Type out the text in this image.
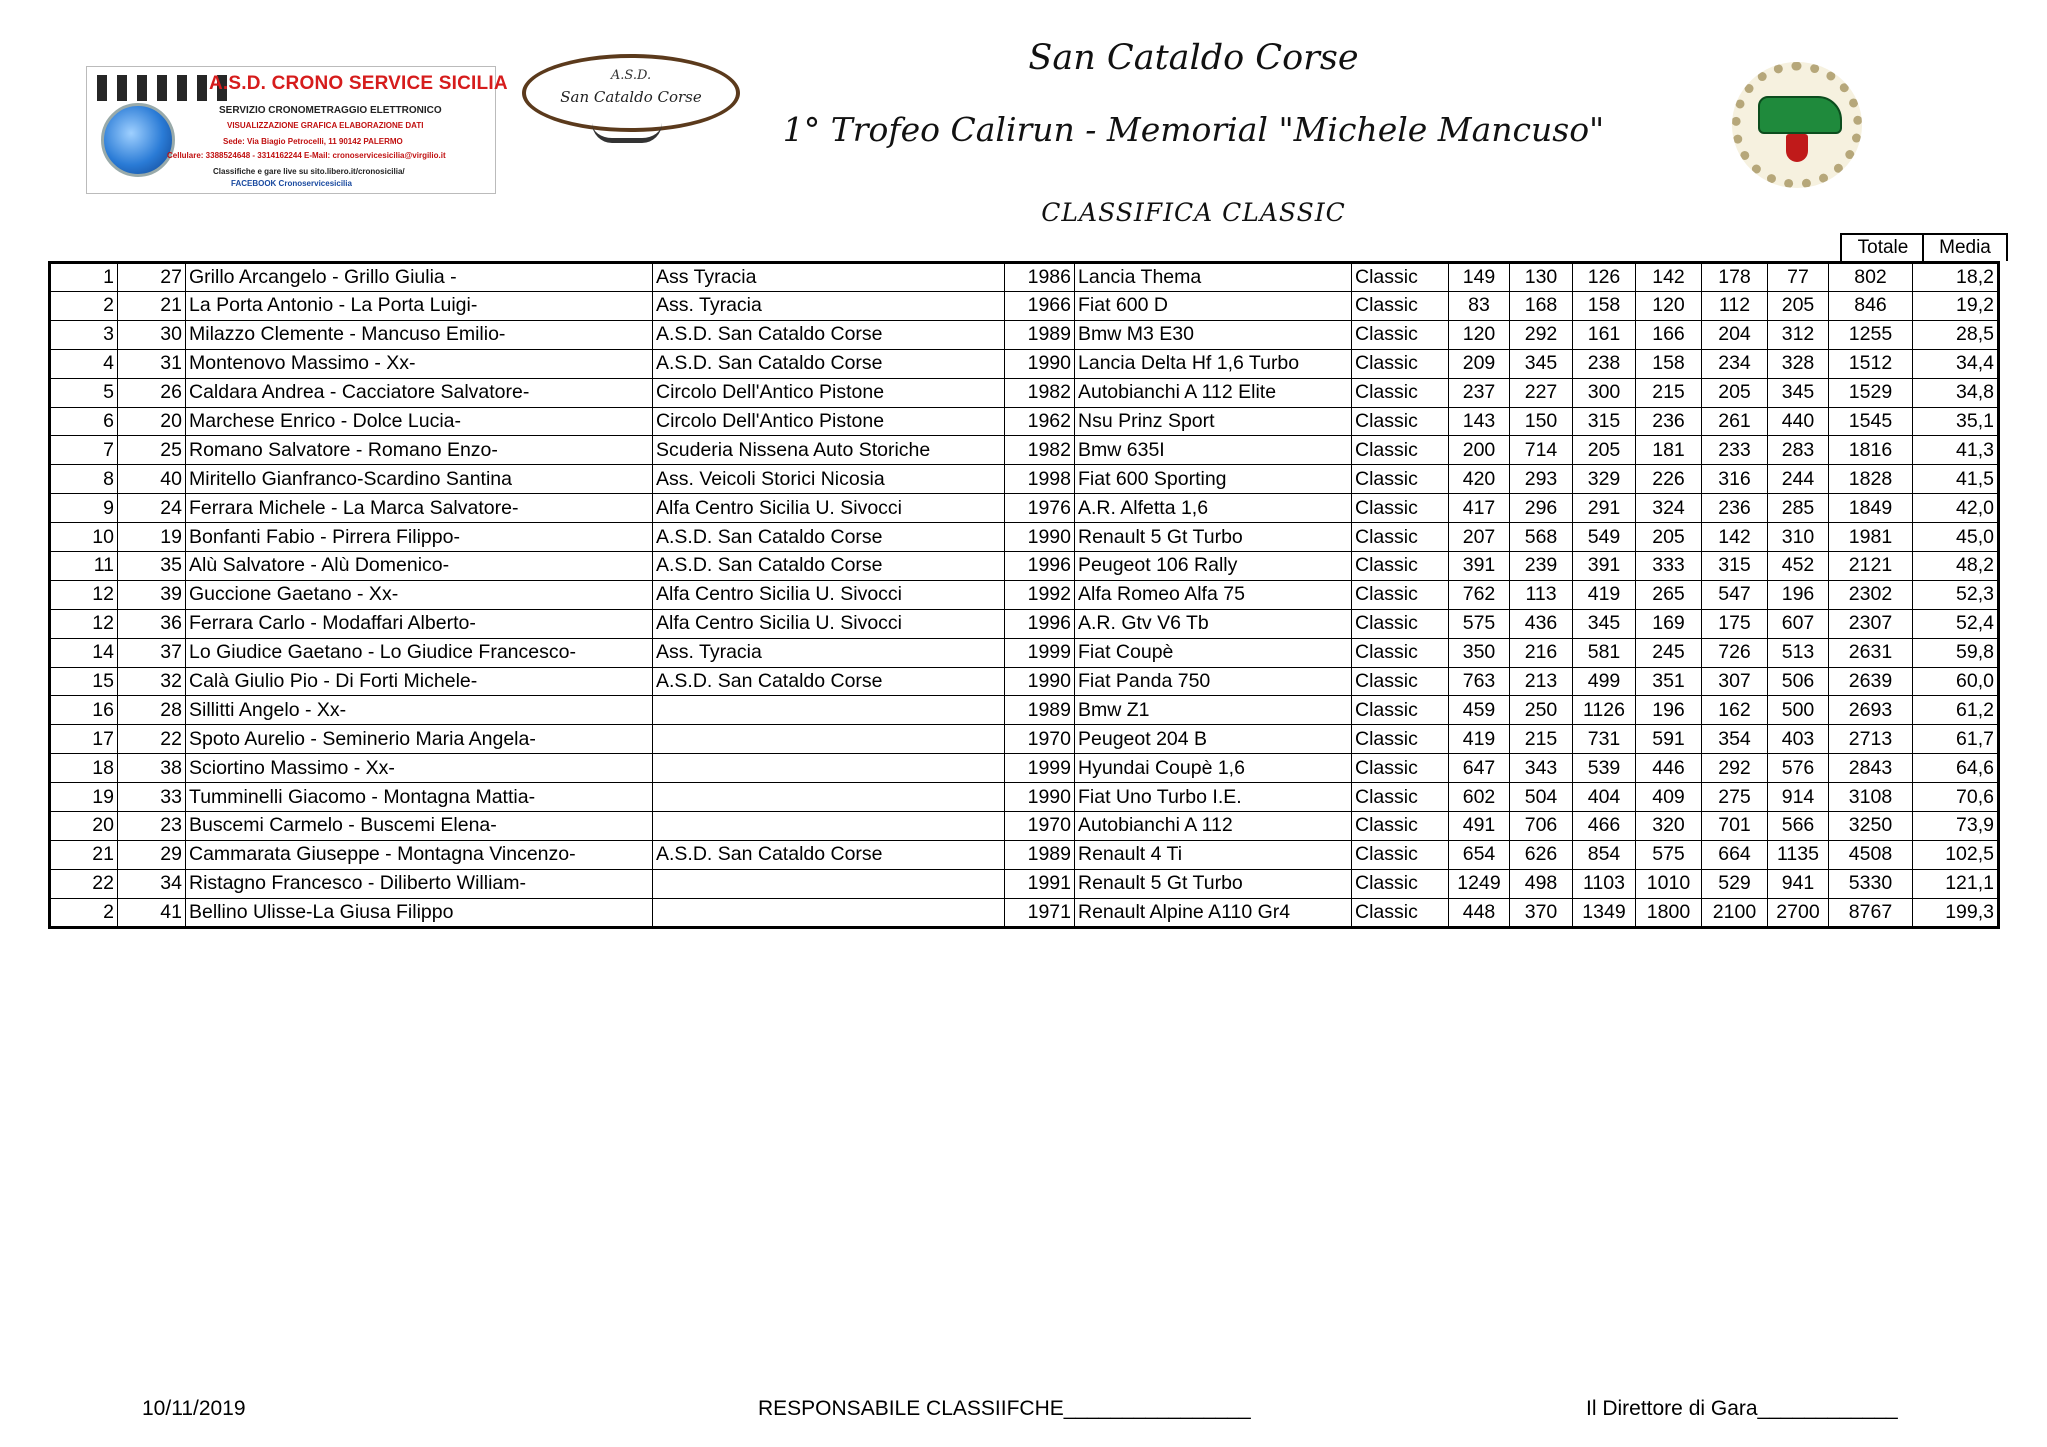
A.S.D. CRONO SERVICE SICILIA
SERVIZIO CRONOMETRAGGIO ELETTRONICO
VISUALIZZAZIONE GRAFICA ELABORAZIONE DATI
Sede: Via Biagio Petrocelli, 11 90142 PALERMO
Cellulare: 3388524648 - 3314162244 E-Mail: cronoservicesicilia@virgilio.it
Classifiche e gare live su sito.libero.it/cronosicilia/
FACEBOOK Cronoservicesicilia
A.S.D.
San Cataldo Corse
San Cataldo Corse
1° Trofeo Calirun - Memorial "Michele Mancuso"
CLASSIFICA CLASSIC
Totale	Media
1	27	Grillo Arcangelo - Grillo Giulia -	Ass Tyracia	1986	Lancia Thema	Classic	149	130	126	142	178	77	802	18,2
2	21	La Porta Antonio - La Porta Luigi-	Ass. Tyracia	1966	Fiat 600 D	Classic	83	168	158	120	112	205	846	19,2
3	30	Milazzo Clemente - Mancuso Emilio-	A.S.D. San Cataldo Corse	1989	Bmw M3 E30	Classic	120	292	161	166	204	312	1255	28,5
4	31	Montenovo Massimo - Xx-	A.S.D. San Cataldo Corse	1990	Lancia Delta Hf 1,6 Turbo	Classic	209	345	238	158	234	328	1512	34,4
5	26	Caldara Andrea - Cacciatore Salvatore-	Circolo Dell'Antico Pistone	1982	Autobianchi A 112 Elite	Classic	237	227	300	215	205	345	1529	34,8
6	20	Marchese Enrico - Dolce Lucia-	Circolo Dell'Antico Pistone	1962	Nsu Prinz Sport	Classic	143	150	315	236	261	440	1545	35,1
7	25	Romano Salvatore - Romano Enzo-	Scuderia Nissena Auto Storiche	1982	Bmw 635I	Classic	200	714	205	181	233	283	1816	41,3
8	40	Miritello Gianfranco-Scardino Santina	Ass. Veicoli Storici Nicosia	1998	Fiat 600 Sporting	Classic	420	293	329	226	316	244	1828	41,5
9	24	Ferrara Michele - La Marca Salvatore-	Alfa Centro Sicilia U. Sivocci	1976	A.R. Alfetta 1,6	Classic	417	296	291	324	236	285	1849	42,0
10	19	Bonfanti Fabio - Pirrera Filippo-	A.S.D. San Cataldo Corse	1990	Renault 5 Gt Turbo	Classic	207	568	549	205	142	310	1981	45,0
11	35	Alù Salvatore - Alù Domenico-	A.S.D. San Cataldo Corse	1996	Peugeot 106 Rally	Classic	391	239	391	333	315	452	2121	48,2
12	39	Guccione Gaetano - Xx-	Alfa Centro Sicilia U. Sivocci	1992	Alfa Romeo Alfa 75	Classic	762	113	419	265	547	196	2302	52,3
12	36	Ferrara Carlo - Modaffari Alberto-	Alfa Centro Sicilia U. Sivocci	1996	A.R. Gtv V6 Tb	Classic	575	436	345	169	175	607	2307	52,4
14	37	Lo Giudice Gaetano - Lo Giudice Francesco-	Ass. Tyracia	1999	Fiat Coupè	Classic	350	216	581	245	726	513	2631	59,8
15	32	Calà Giulio Pio - Di Forti Michele-	A.S.D. San Cataldo Corse	1990	Fiat Panda 750	Classic	763	213	499	351	307	506	2639	60,0
16	28	Sillitti Angelo - Xx-		1989	Bmw Z1	Classic	459	250	1126	196	162	500	2693	61,2
17	22	Spoto Aurelio - Seminerio Maria Angela-		1970	Peugeot 204 B	Classic	419	215	731	591	354	403	2713	61,7
18	38	Sciortino Massimo - Xx-		1999	Hyundai Coupè 1,6	Classic	647	343	539	446	292	576	2843	64,6
19	33	Tumminelli Giacomo - Montagna Mattia-		1990	Fiat Uno Turbo I.E.	Classic	602	504	404	409	275	914	3108	70,6
20	23	Buscemi Carmelo - Buscemi Elena-		1970	Autobianchi A 112	Classic	491	706	466	320	701	566	3250	73,9
21	29	Cammarata Giuseppe - Montagna Vincenzo-	A.S.D. San Cataldo Corse	1989	Renault 4 Ti	Classic	654	626	854	575	664	1135	4508	102,5
22	34	Ristagno Francesco - Diliberto William-		1991	Renault 5 Gt Turbo	Classic	1249	498	1103	1010	529	941	5330	121,1
2	41	Bellino Ulisse-La Giusa Filippo		1971	Renault Alpine A110 Gr4	Classic	448	370	1349	1800	2100	2700	8767	199,3
10/11/2019	RESPONSABILE CLASSIIFCHE________________	Il Direttore di Gara____________
